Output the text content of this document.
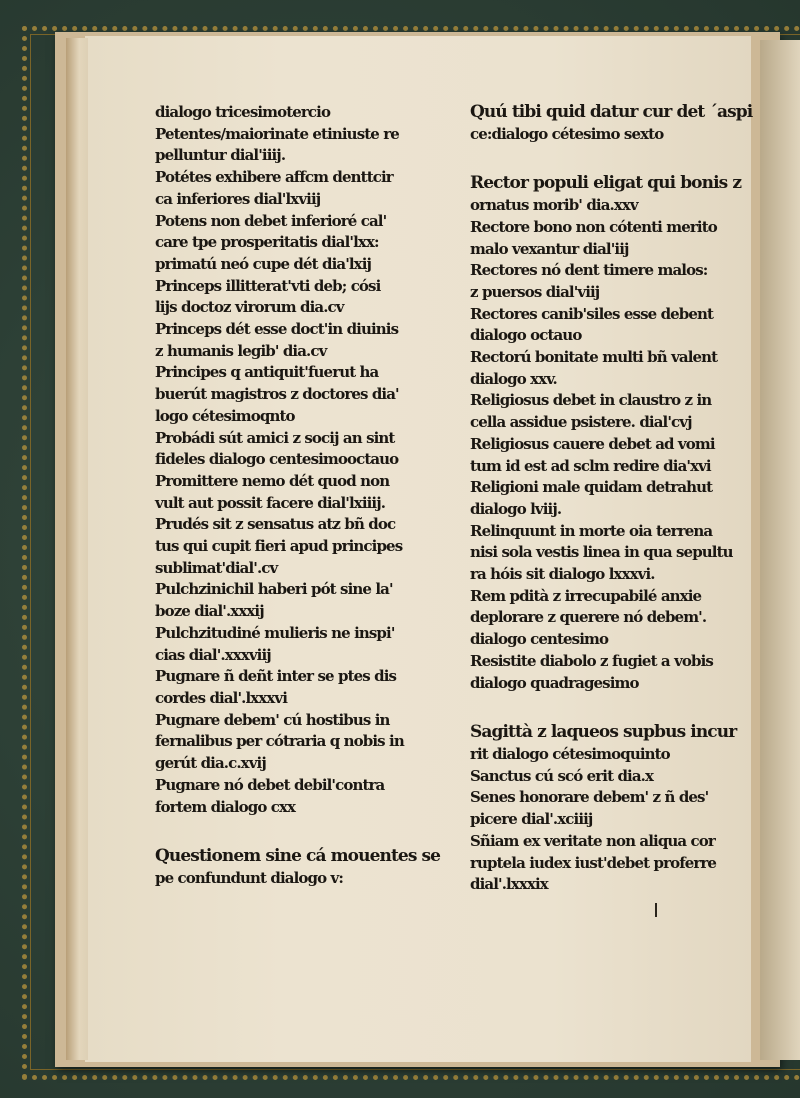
dialogo tricesimotercio
Petentes/maiorinate etiniuste re
pelluntur dial'iiij.
Potétes exhibere affcm denttcir
ca inferiores dial'lxviij
Potens non debet inferioré cal'
care tpe prosperitatis dial'lxx:
primatú neó cupe dét dia'lxij
Princeps illitterat'vti deb; cósi
lijs doctoz virorum dia.cv
Princeps dét esse doct'in diuinis
z humanis legib' dia.cv
Principes q antiquit'fuerut ha
buerút magistros z doctores dia'
logo cétesimoqnto
Probádi sút amici z socij an sint
fideles dialogo centesimooctauo
Promittere nemo dét quod non
vult aut possit facere dial'lxiiij.
Prudés sit z sensatus atz bñ doc
tus qui cupit fieri apud principes
sublimat'dial'.cv
Pulchzinichil haberi pót sine la'
boze dial'.xxxij
Pulchzitudiné mulieris ne inspi'
cias dial'.xxxviij
Pugnare ñ deñt inter se ptes dis
cordes dial'.lxxxvi
Pugnare debem' cú hostibus in
fernalibus per cótraria q nobis in
gerút dia.c.xvij
Pugnare nó debet debil'contra
fortem dialogo cxx
Questionem sine cá mouentes se
pe confundunt dialogo v:
Quú tibi quid datur cur det ´aspi
ce:dialogo cétesimo sexto
Rector populi eligat qui bonis z
ornatus morib' dia.xxv
Rectore bono non cótenti merito
malo vexantur dial'iij
Rectores nó dent timere malos:
z puersos dial'viij
Rectores canib'siles esse debent
dialogo octauo
Rectorú bonitate multi bñ valent
dialogo xxv.
Religiosus debet in claustro z in
cella assidue psistere. dial'cvj
Religiosus cauere debet ad vomi
tum id est ad sclm redire dia'xvi
Religioni male quidam detrahut
dialogo lviij.
Relinquunt in morte oia terrena
nisi sola vestis linea in qua sepultu
ra hóis sit dialogo lxxxvi.
Rem pdità z irrecupabilé anxie
deplorare z querere nó debem'.
dialogo centesimo
Resistite diabolo z fugiet a vobis
dialogo quadragesimo
Sagittà z laqueos supbus incur
rit dialogo cétesimoquinto
Sanctus cú scó erit dia.x
Senes honorare debem' z ñ des'
picere dial'.xciiij
Sñiam ex veritate non aliqua cor
ruptela iudex iust'debet proferre
dial'.lxxxix
